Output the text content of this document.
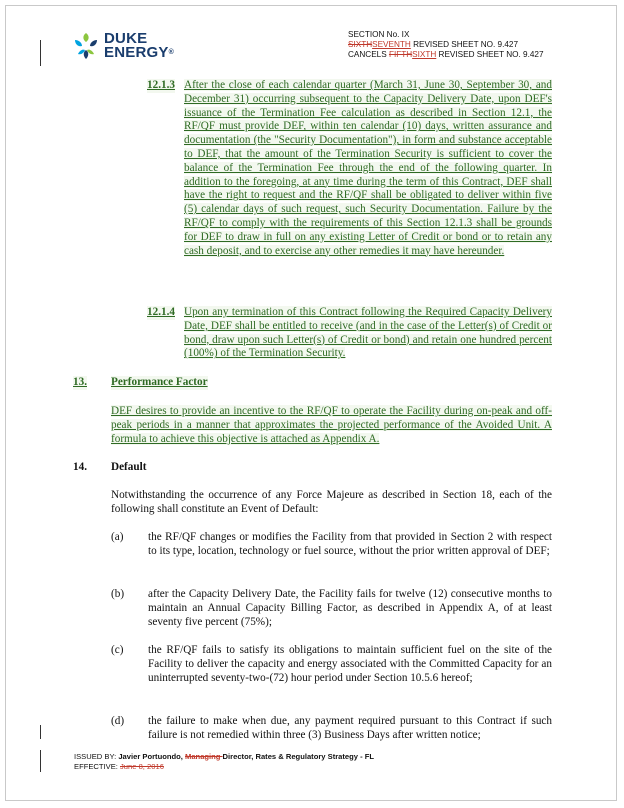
DUKE
ENERGY®
SECTION No. IX
SIXTHSEVENTH REVISED SHEET NO. 9.427
CANCELS FIFTHSIXTH REVISED SHEET NO. 9.427
12.1.3 After the close of each calendar quarter (March 31, June 30, September 30, and December 31) occurring subsequent to the Capacity Delivery Date, upon DEF's issuance of the Termination Fee calculation as described in Section 12.1, the RF/QF must provide DEF, within ten calendar (10) days, written assurance and documentation (the "Security Documentation"), in form and substance acceptable to DEF, that the amount of the Termination Security is sufficient to cover the balance of the Termination Fee through the end of the following quarter. In addition to the foregoing, at any time during the term of this Contract, DEF shall have the right to request and the RF/QF shall be obligated to deliver within five (5) calendar days of such request, such Security Documentation. Failure by the RF/QF to comply with the requirements of this Section 12.1.3 shall be grounds for DEF to draw in full on any existing Letter of Credit or bond or to retain any cash deposit, and to exercise any other remedies it may have hereunder.
12.1.4 Upon any termination of this Contract following the Required Capacity Delivery Date, DEF shall be entitled to receive (and in the case of the Letter(s) of Credit or bond, draw upon such Letter(s) of Credit or bond) and retain one hundred percent (100%) of the Termination Security.
13. Performance Factor
DEF desires to provide an incentive to the RF/QF to operate the Facility during on-peak and off-peak periods in a manner that approximates the projected performance of the Avoided Unit. A formula to achieve this objective is attached as Appendix A.
14. Default
Notwithstanding the occurrence of any Force Majeure as described in Section 18, each of the following shall constitute an Event of Default:
(a) the RF/QF changes or modifies the Facility from that provided in Section 2 with respect to its type, location, technology or fuel source, without the prior written approval of DEF;
(b) after the Capacity Delivery Date, the Facility fails for twelve (12) consecutive months to maintain an Annual Capacity Billing Factor, as described in Appendix A, of at least seventy five percent (75%);
(c) the RF/QF fails to satisfy its obligations to maintain sufficient fuel on the site of the Facility to deliver the capacity and energy associated with the Committed Capacity for an uninterrupted seventy-two-(72) hour period under Section 10.5.6 hereof;
(d) the failure to make when due, any payment required pursuant to this Contract if such failure is not remedied within three (3) Business Days after written notice;
ISSUED BY: Javier Portuondo, Managing Director, Rates & Regulatory Strategy - FL
EFFECTIVE: June 8, 2016
